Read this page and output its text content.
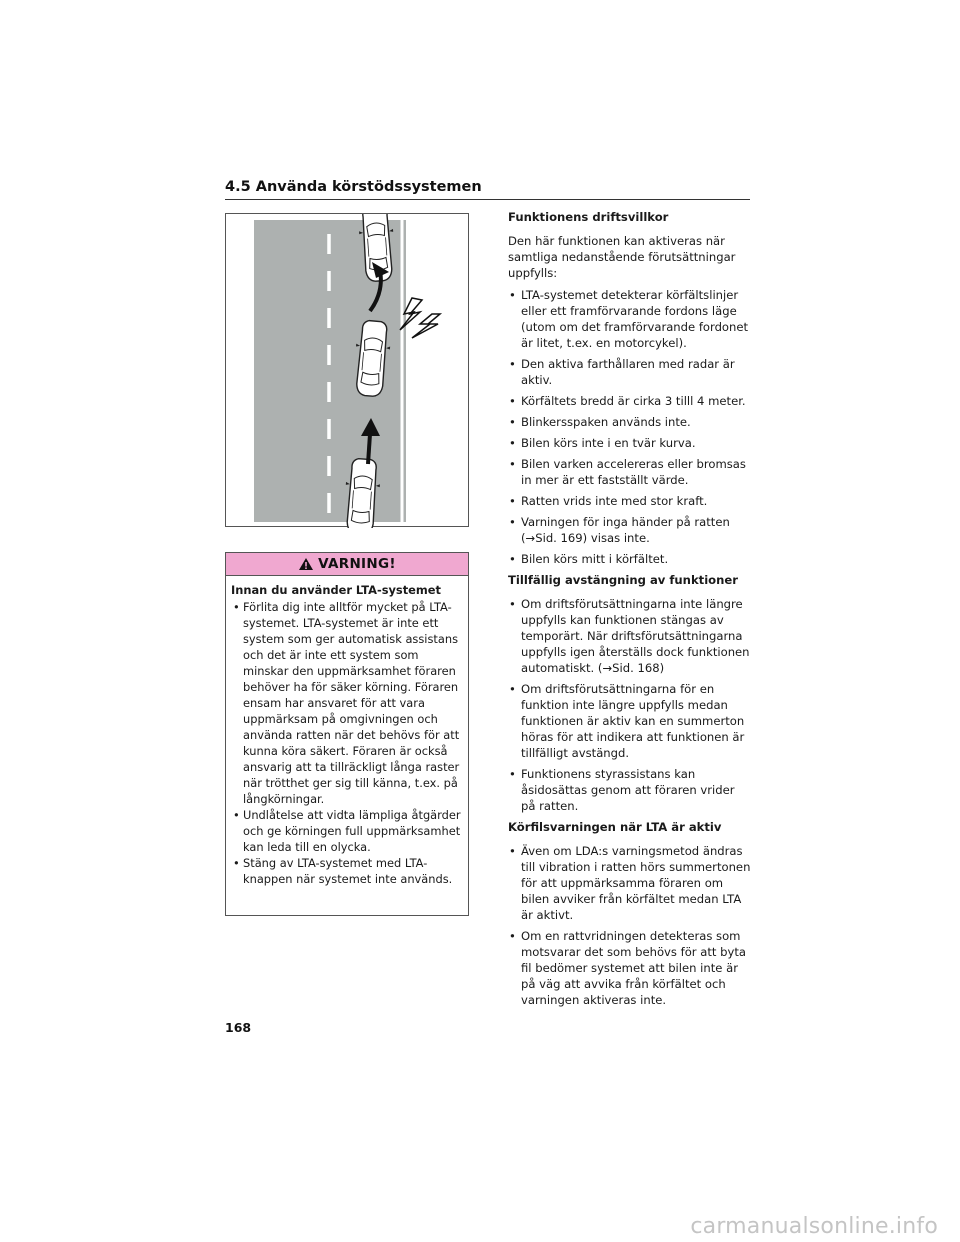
4.5 Använda körstödssystemen
VARNING!
Innan du använder LTA-systemet
• Förlita dig inte alltför mycket på LTA-systemet. LTA-systemet är inte ett system som ger automatisk assistans och det är inte ett system som minskar den uppmärksamhet föraren behöver ha för säker körning. Föraren ensam har ansvaret för att vara uppmärksam på omgivningen och använda ratten när det behövs för att kunna köra säkert. Föraren är också ansvarig att ta tillräckligt långa raster när trötthet ger sig till känna, t.ex. på långkörningar.
• Undlåtelse att vidta lämpliga åtgärder och ge körningen full uppmärksamhet kan leda till en olycka.
• Stäng av LTA-systemet med LTA-knappen när systemet inte används.
Funktionens driftsvillkor
Den här funktionen kan aktiveras när samtliga nedanstående förutsättningar uppfylls:
• LTA-systemet detekterar körfältslinjer eller ett framförvarande fordons läge (utom om det framförvarande fordonet är litet, t.ex. en motorcykel).
• Den aktiva farthållaren med radar är aktiv.
• Körfältets bredd är cirka 3 tilll 4 meter.
• Blinkersspaken används inte.
• Bilen körs inte i en tvär kurva.
• Bilen varken accelereras eller bromsas in mer är ett fastställt värde.
• Ratten vrids inte med stor kraft.
• Varningen för inga händer på ratten (→Sid. 169) visas inte.
• Bilen körs mitt i körfältet.
Tillfällig avstängning av funktioner
• Om driftsförutsättningarna inte längre uppfylls kan funktionen stängas av temporärt. När driftsförutsättningarna uppfylls igen återställs dock funktionen automatiskt. (→Sid. 168)
• Om driftsförutsättningarna för en funktion inte längre uppfylls medan funktionen är aktiv kan en summerton höras för att indikera att funktionen är tillfälligt avstängd.
• Funktionens styrassistans kan åsidosättas genom att föraren vrider på ratten.
Körfilsvarningen när LTA är aktiv
• Även om LDA:s varningsmetod ändras till vibration i ratten hörs summertonen för att uppmärksamma föraren om bilen avviker från körfältet medan LTA är aktivt.
• Om en rattvridningen detekteras som motsvarar det som behövs för att byta fil bedömer systemet att bilen inte är på väg att avvika från körfältet och varningen aktiveras inte.
168
carmanualsonline.info
